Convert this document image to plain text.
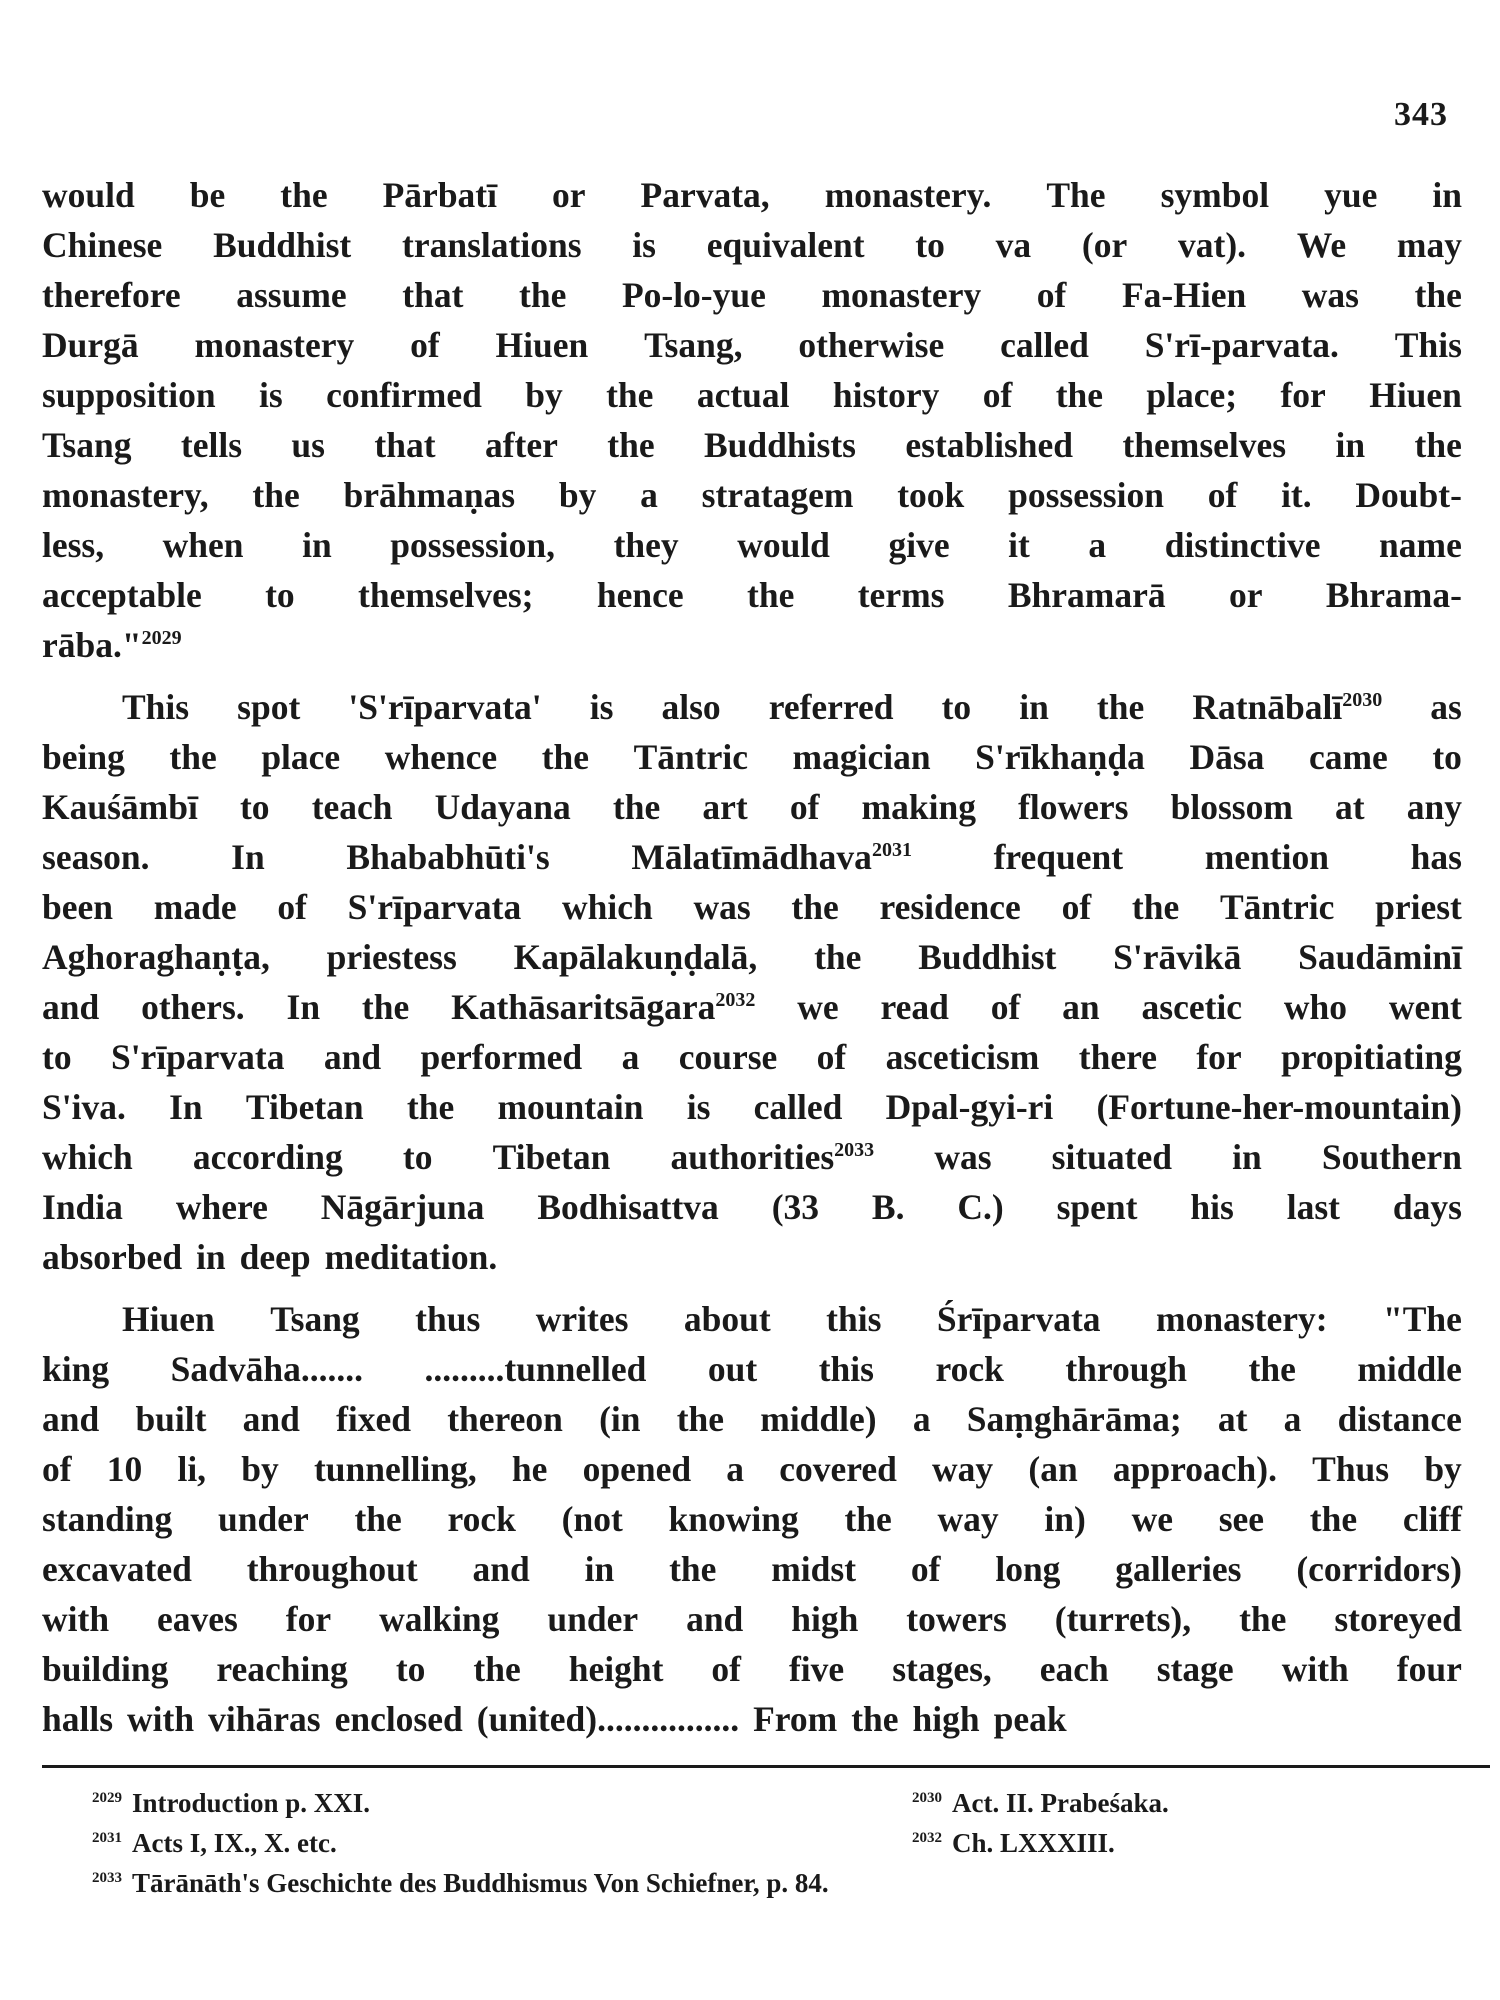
343
would be the Pārbatī or Parvata, monastery. The symbol yue in
Chinese Buddhist translations is equivalent to va (or vat). We may
therefore assume that the Po-lo-yue monastery of Fa-Hien was the
Durgā monastery of Hiuen Tsang, otherwise called S'rī-parvata. This
supposition is confirmed by the actual history of the place; for Hiuen
Tsang tells us that after the Buddhists established themselves in the
monastery, the brāhmaṇas by a stratagem took possession of it. Doubt-
less, when in possession, they would give it a distinctive name
acceptable to themselves; hence the terms Bhramarā or Bhrama-
rāba."$^{2029}$
This spot 'S'rīparvata' is also referred to in the Ratnābalī$^{2030}$ as
being the place whence the Tāntric magician S'rīkhaṇḍa Dāsa came to
Kauśāmbī to teach Udayana the art of making flowers blossom at any
season. In Bhababhūti's Mālatīmādhava$^{2031}$ frequent mention has
been made of S'rīparvata which was the residence of the Tāntric priest
Aghoraghaṇṭa, priestess Kapālakuṇḍalā, the Buddhist S'rāvikā Saudāminī
and others. In the Kathāsaritsāgara$^{2032}$ we read of an ascetic who went
to S'rīparvata and performed a course of asceticism there for propitiating
S'iva. In Tibetan the mountain is called Dpal-gyi-ri (Fortune-her-mountain)
which according to Tibetan authorities$^{2033}$ was situated in Southern
India where Nāgārjuna Bodhisattva (33 B. C.) spent his last days
absorbed in deep meditation.
Hiuen Tsang thus writes about this Śrīparvata monastery: "The
king Sadvāha....... .........tunnelled out this rock through the middle
and built and fixed thereon (in the middle) a Saṃghārāma; at a distance
of 10 li, by tunnelling, he opened a covered way (an approach). Thus by
standing under the rock (not knowing the way in) we see the cliff
excavated throughout and in the midst of long galleries (corridors)
with eaves for walking under and high towers (turrets), the storeyed
building reaching to the height of five stages, each stage with four
halls with vihāras enclosed (united)................ From the high peak
$^{2029}$ Introduction p. XXI.	$^{2030}$ Act. II. Prabeśaka.
$^{2031}$ Acts I, IX., X. etc.	$^{2032}$ Ch. LXXXIII.
$^{2033}$ Tārānāth's Geschichte des Buddhismus Von Schiefner, p. 84.
